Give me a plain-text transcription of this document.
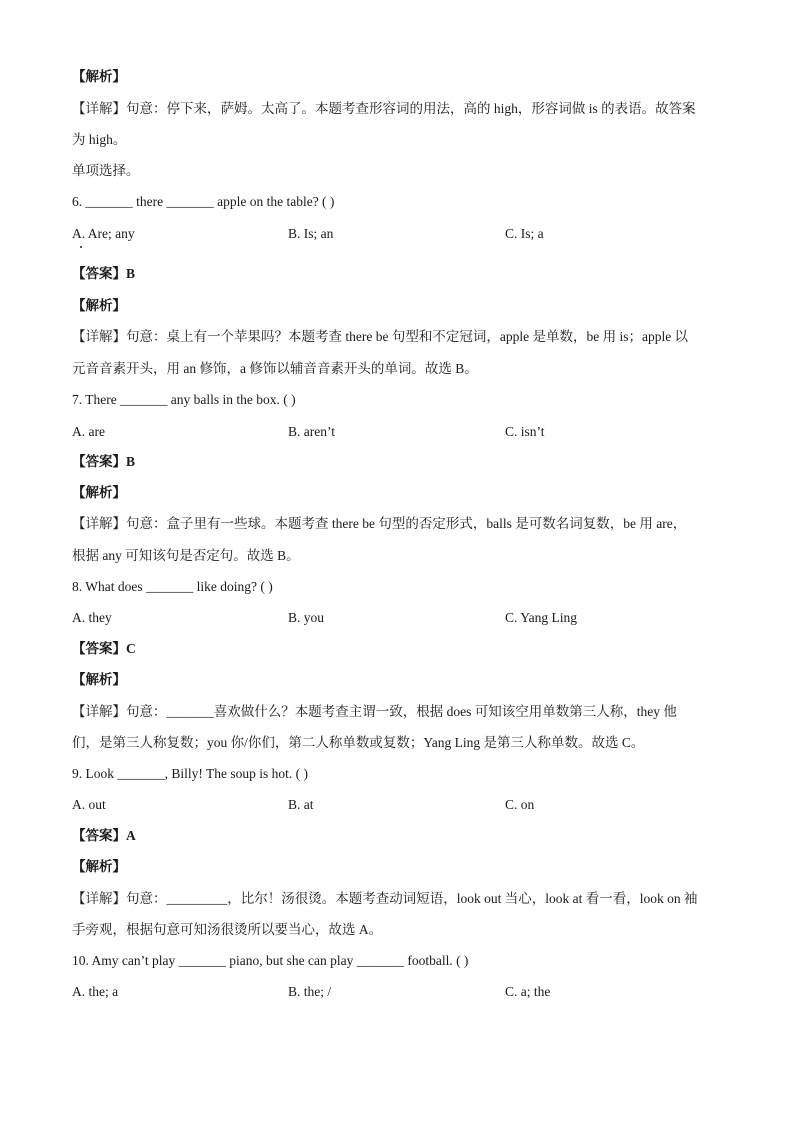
【解析】
【详解】句意：停下来，萨姆。太高了。本题考查形容词的用法，高的 high，形容词做 is 的表语。故答案
为 high。
单项选择。
6. _______ there _______ apple on the table? ( )
A. Are; any	B. Is; an	C. Is; a
【答案】B
【解析】
【详解】句意：桌上有一个苹果吗？本题考查 there be 句型和不定冠词，apple 是单数，be 用 is；apple 以
元音音素开头，用 an 修饰，a 修饰以辅音音素开头的单词。故选 B。
7. There _______ any balls in the box. ( )
A. are	B. aren’t	C. isn’t
【答案】B
【解析】
【详解】句意：盒子里有一些球。本题考查 there be 句型的否定形式，balls 是可数名词复数，be 用 are，
根据 any 可知该句是否定句。故选 B。
8. What does _______ like doing? ( )
A. they	B. you	C. Yang Ling
【答案】C
【解析】
【详解】句意：_______喜欢做什么？本题考查主谓一致，根据 does 可知该空用单数第三人称，they 他
们，是第三人称复数；you 你/你们，第二人称单数或复数；Yang Ling 是第三人称单数。故选 C。
9. Look _______, Billy! The soup is hot. ( )
A. out	B. at	C. on
【答案】A
【解析】
【详解】句意：_________，比尔！汤很烫。本题考查动词短语，look out 当心，look at 看一看，look on 袖
手旁观，根据句意可知汤很烫所以要当心，故选 A。
10. Amy can’t play _______ piano, but she can play _______ football. ( )
A. the; a	B. the; /	C. a; the
